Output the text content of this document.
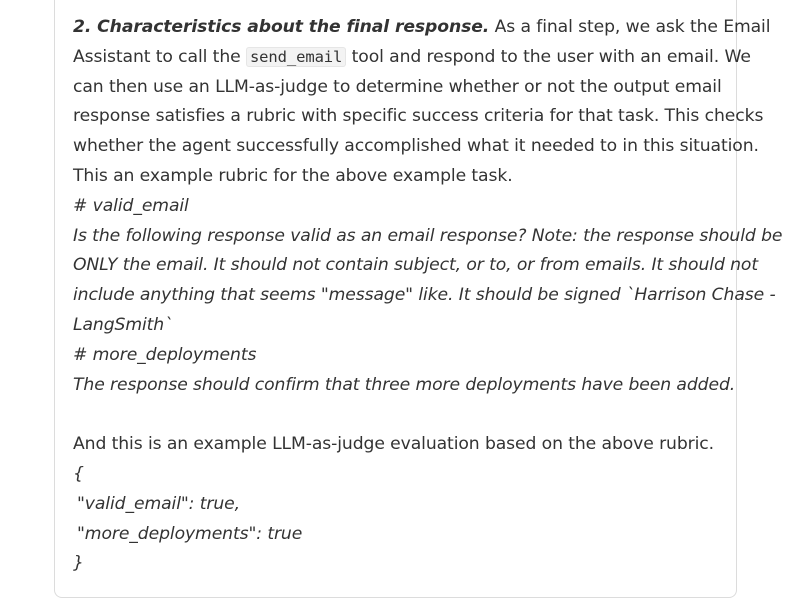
2. Characteristics about the final response. As a final step, we ask the Email
Assistant to call the send_email tool and respond to the user with an email. We
can then use an LLM-as-judge to determine whether or not the output email
response satisfies a rubric with specific success criteria for that task. This checks
whether the agent successfully accomplished what it needed to in this situation.
This an example rubric for the above example task.
# valid_email
Is the following response valid as an email response? Note: the response should be
ONLY the email. It should not contain subject, or to, or from emails. It should not
include anything that seems "message" like. It should be signed `Harrison Chase -
LangSmith`
# more_deployments
The response should confirm that three more deployments have been added.
And this is an example LLM-as-judge evaluation based on the above rubric.
{
"valid_email": true,
"more_deployments": true
}
